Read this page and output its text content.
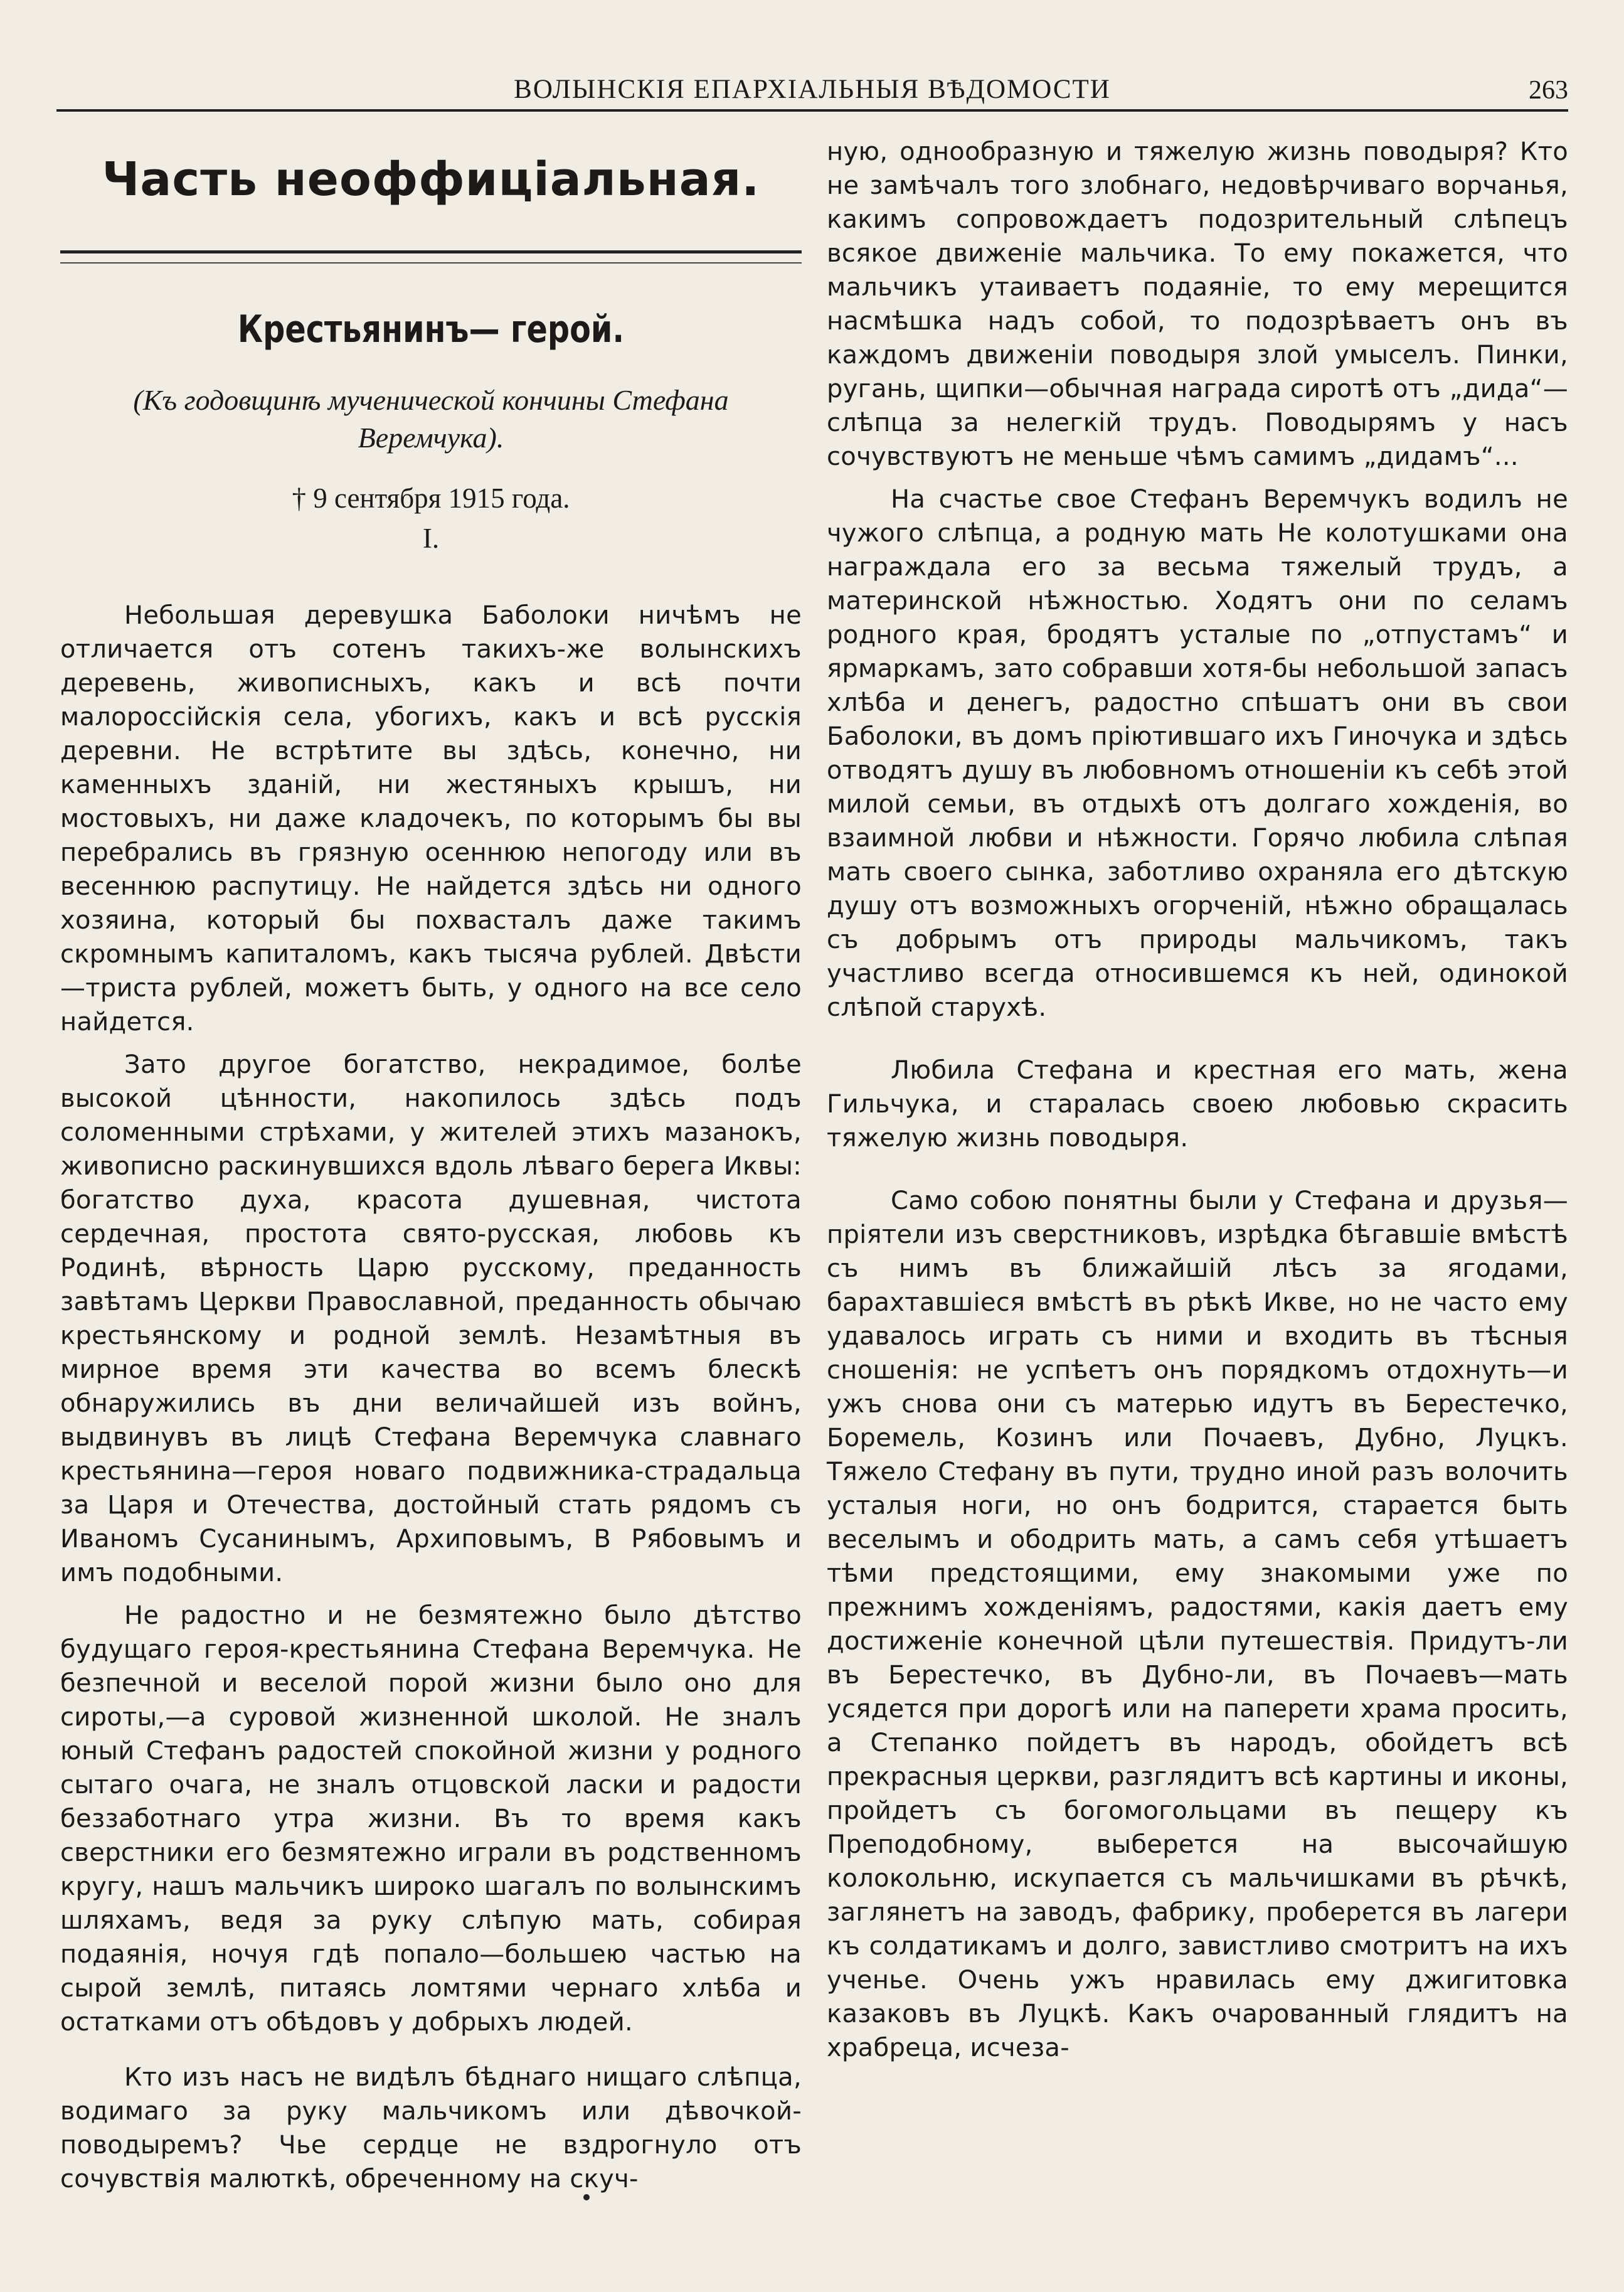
ВОЛЫНСКІЯ ЕПАРХІАЛЬНЫЯ ВѢДОМОСТИ	263
Часть неоффиціальная.
Крестьянинъ— герой.
(Къ годовщинѣ мученической кончины Стефана Веремчука).
† 9 сентября 1915 года.
I.

Небольшая деревушка Баболоки ничѣмъ не отличается отъ сотенъ такихъ-же волынскихъ деревень, живописныхъ, какъ и всѣ почти малороссійскія села, убогихъ, какъ и всѣ русскія деревни. Не встрѣтите вы здѣсь, конечно, ни каменныхъ зданій, ни жестяныхъ крышъ, ни мостовыхъ, ни даже кладочекъ, по которымъ бы вы перебрались въ грязную осеннюю непогоду или въ весеннюю распутицу. Не найдется здѣсь ни одного хозяина, который бы похвасталъ даже такимъ скромнымъ капиталомъ, какъ тысяча рублей. Двѣсти—триста рублей, можетъ быть, у одного на все село найдется.

Зато другое богатство, некрадимое, болѣе высокой цѣнности, накопилось здѣсь подъ соломенными стрѣхами, у жителей этихъ мазанокъ, живописно раскинувшихся вдоль лѣваго берега Иквы: богатство духа, красота душевная, чистота сердечная, простота свято-русская, любовь къ Родинѣ, вѣрность Царю русскому, преданность завѣтамъ Церкви Православной, преданность обычаю крестьянскому и родной землѣ. Незамѣтныя въ мирное время эти качества во всемъ блескѣ обнаружились въ дни величайшей изъ войнъ, выдвинувъ въ лицѣ Стефана Веремчука славнаго крестьянина—героя новаго подвижника-страдальца за Царя и Отечества, достойный стать рядомъ съ Иваномъ Сусанинымъ, Архиповымъ, В Рябовымъ и имъ подобными.

Не радостно и не безмятежно было дѣтство будущаго героя-крестьянина Стефана Веремчука. Не безпечной и веселой порой жизни было оно для сироты,—а суровой жизненной школой. Не зналъ юный Стефанъ радостей спокойной жизни у родного сытаго очага, не зналъ отцовской ласки и радости беззаботнаго утра жизни. Въ то время какъ сверстники его безмятежно играли въ родственномъ кругу, нашъ мальчикъ широко шагалъ по волынскимъ шляхамъ, ведя за руку слѣпую мать, собирая подаянія, ночуя гдѣ попало—большею частью на сырой землѣ, питаясь ломтями чернаго хлѣба и остатками отъ обѣдовъ у добрыхъ людей.

Кто изъ насъ не видѣлъ бѣднаго нищаго слѣпца, водимаго за руку мальчикомъ или дѣвочкой-поводыремъ? Чье сердце не вздрогнуло отъ сочувствія малюткѣ, обреченному на скуч-

ную, однообразную и тяжелую жизнь поводыря? Кто не замѣчалъ того злобнаго, недовѣрчиваго ворчанья, какимъ сопровождаетъ подозрительный слѣпецъ всякое движеніе мальчика. То ему покажется, что мальчикъ утаиваетъ подаяніе, то ему мерещится насмѣшка надъ собой, то подозрѣваетъ онъ въ каждомъ движеніи поводыря злой умыселъ. Пинки, ругань, щипки—обычная награда сиротѣ отъ „дида“—слѣпца за нелегкій трудъ. Поводырямъ у насъ сочувствуютъ не меньше чѣмъ самимъ „дидамъ“...

На счастье свое Стефанъ Веремчукъ водилъ не чужого слѣпца, а родную мать Не колотушками она награждала его за весьма тяжелый трудъ, а материнской нѣжностью. Ходятъ они по селамъ родного края, бродятъ усталые по „отпустамъ“ и ярмаркамъ, зато собравши хотя-бы небольшой запасъ хлѣба и денегъ, радостно спѣшатъ они въ свои Баболоки, въ домъ пріютившаго ихъ Гиночука и здѣсь отводятъ душу въ любовномъ отношеніи къ себѣ этой милой семьи, въ отдыхѣ отъ долгаго хожденія, во взаимной любви и нѣжности. Горячо любила слѣпая мать своего сынка, заботливо охраняла его дѣтскую душу отъ возможныхъ огорченій, нѣжно обращалась съ добрымъ отъ природы мальчикомъ, такъ участливо всегда относившемся къ ней, одинокой слѣпой старухѣ.

Любила Стефана и крестная его мать, жена Гильчука, и старалась своею любовью скрасить тяжелую жизнь поводыря.

Само собою понятны были у Стефана и друзья—пріятели изъ сверстниковъ, изрѣдка бѣгавшіе вмѣстѣ съ нимъ въ ближайшій лѣсъ за ягодами, барахтавшіеся вмѣстѣ въ рѣкѣ Икве, но не часто ему удавалось играть съ ними и входить въ тѣсныя сношенія: не успѣетъ онъ порядкомъ отдохнуть—и ужъ снова они съ матерью идутъ въ Берестечко, Боремель, Козинъ или Почаевъ, Дубно, Луцкъ. Тяжело Стефану въ пути, трудно иной разъ волочить усталыя ноги, но онъ бодрится, старается быть веселымъ и ободрить мать, а самъ себя утѣшаетъ тѣми предстоящими, ему знакомыми уже по прежнимъ хожденіямъ, радостями, какія даетъ ему достиженіе конечной цѣли путешествія. Придутъ-ли въ Берестечко, въ Дубно-ли, въ Почаевъ—мать усядется при дорогѣ или на паперети храма просить, а Степанко пойдетъ въ народъ, обойдетъ всѣ прекрасныя церкви, разглядитъ всѣ картины и иконы, пройдетъ съ богомогольцами въ пещеру къ Преподобному, выберется на высочайшую колокольню, искупается съ мальчишками въ рѣчкѣ, заглянетъ на заводъ, фабрику, проберется въ лагери къ солдатикамъ и долго, завистливо смотритъ на ихъ ученье. Очень ужъ нравилась ему джигитовка казаковъ въ Луцкѣ. Какъ очарованный глядитъ на храбреца, исчеза-
